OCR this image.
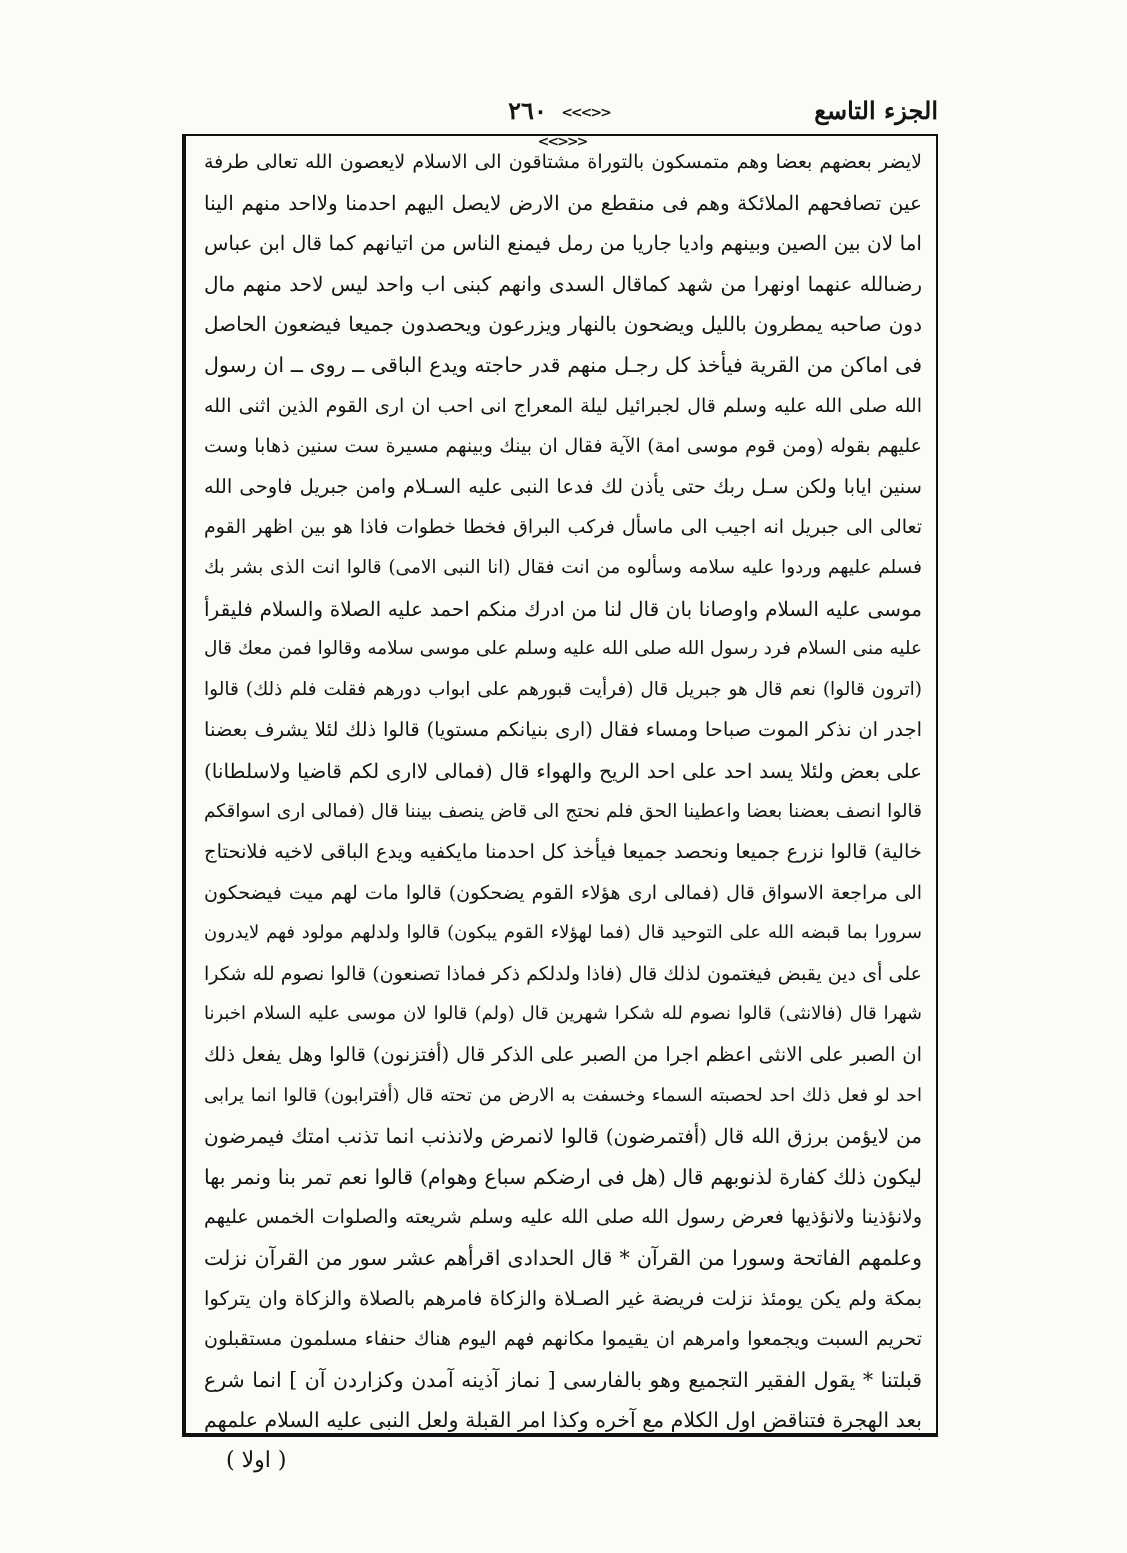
الجزء التاسع
<<>>> ٢٦٠ <<<>>
لايضر بعضهم بعضا وهم متمسكون بالتوراة مشتاقون الى الاسلام لايعصون الله تعالى طرفة
عين تصافحهم الملائكة وهم فى منقطع من الارض لايصل اليهم احدمنا ولااحد منهم الينا
اما لان بين الصين وبينهم واديا جاريا من رمل فيمنع الناس من اتيانهم كما قال ابن عباس
رضىالله عنهما اونهرا من شهد كماقال السدى وانهم كبنى اب واحد ليس لاحد منهم مال
دون صاحبه يمطرون بالليل ويضحون بالنهار ويزرعون ويحصدون جميعا فيضعون الحاصل
فى اماكن من القرية فيأخذ كل رجـل منهم قدر حاجته ويدع الباقى ــ روى ــ ان رسول
الله صلى الله عليه وسلم قال لجبرائيل ليلة المعراج انى احب ان ارى القوم الذين اثنى الله
عليهم بقوله (ومن قوم موسى امة) الآية فقال ان بينك وبينهم مسيرة ست سنين ذهابا وست
سنين ايابا ولكن سـل ربك حتى يأذن لك فدعا النبى عليه السـلام وامن جبريل فاوحى الله
تعالى الى جبريل انه اجيب الى ماسأل فركب البراق فخطا خطوات فاذا هو بين اظهر القوم
فسلم عليهم وردوا عليه سلامه وسألوه من انت فقال (انا النبى الامى) قالوا انت الذى بشر بك
موسى عليه السلام واوصانا بان قال لنا من ادرك منكم احمد عليه الصلاة والسلام فليقرأ
عليه منى السلام فرد رسول الله صلى الله عليه وسلم على موسى سلامه وقالوا فمن معك قال
(اترون قالوا) نعم قال هو جبريل قال (فرأيت قبورهم على ابواب دورهم فقلت فلم ذلك) قالوا
اجدر ان نذكر الموت صباحا ومساء فقال (ارى بنيانكم مستويا) قالوا ذلك لئلا يشرف بعضنا
على بعض ولئلا يسد احد على احد الريح والهواء قال (فمالى لاارى لكم قاضيا ولاسلطانا)
قالوا انصف بعضنا بعضا واعطينا الحق فلم نحتج الى قاض ينصف بيننا قال (فمالى ارى اسواقكم
خالية) قالوا نزرع جميعا ونحصد جميعا فيأخذ كل احدمنا مايكفيه ويدع الباقى لاخيه فلانحتاج
الى مراجعة الاسواق قال (فمالى ارى هؤلاء القوم يضحكون) قالوا مات لهم ميت فيضحكون
سرورا بما قبضه الله على التوحيد قال (فما لهؤلاء القوم يبكون) قالوا ولدلهم مولود فهم لايدرون
على أى دين يقبض فيغتمون لذلك قال (فاذا ولدلكم ذكر فماذا تصنعون) قالوا نصوم لله شكرا
شهرا قال (فالانثى) قالوا نصوم لله شكرا شهرين قال (ولم) قالوا لان موسى عليه السلام اخبرنا
ان الصبر على الانثى اعظم اجرا من الصبر على الذكر قال (أفتزنون) قالوا وهل يفعل ذلك
احد لو فعل ذلك احد لحصبته السماء وخسفت به الارض من تحته قال (أفترابون) قالوا انما يرابى
من لايؤمن برزق الله قال (أفتمرضون) قالوا لانمرض ولانذنب انما تذنب امتك فيمرضون
ليكون ذلك كفارة لذنوبهم قال (هل فى ارضكم سباع وهوام) قالوا نعم تمر بنا ونمر بها
ولانؤذينا ولانؤذيها فعرض رسول الله صلى الله عليه وسلم شريعته والصلوات الخمس عليهم
وعلمهم الفاتحة وسورا من القرآن * قال الحدادى اقرأهم عشر سور من القرآن نزلت
بمكة ولم يكن يومئذ نزلت فريضة غير الصـلاة والزكاة فامرهم بالصلاة والزكاة وان يتركوا
تحريم السبت ويجمعوا وامرهم ان يقيموا مكانهم فهم اليوم هناك حنفاء مسلمون مستقبلون
قبلتنا * يقول الفقير التجميع وهو بالفارسى [ نماز آذينه آمدن وكزاردن آن ] انما شرع
بعد الهجرة فتناقض اول الكلام مع آخره وكذا امر القبلة ولعل النبى عليه السلام علمهم
( اولا )
